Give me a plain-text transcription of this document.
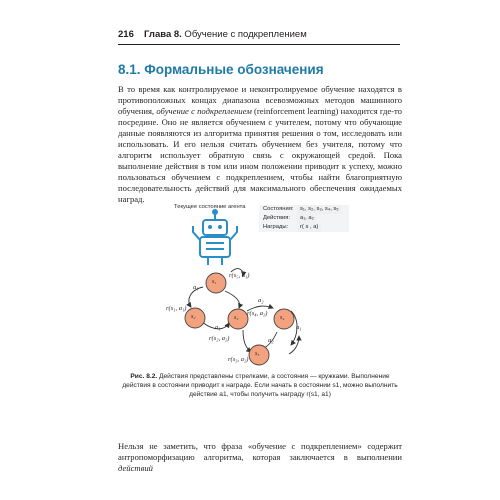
216 Глава 8. Обучение с подкреплением
8.1. Формальные обозначения

В то время как контролируемое и неконтролируемое обучение находятся в противоположных концах диапазона всевозможных методов машинного обучения, обучение с подкреплением (reinforcement learning) находится где-то посредине. Оно не является обучением с учителем, потому что обучающие данные появляются из алгоритма принятия решения о том, исследовать или использовать. И его нельзя считать обучением без учителя, потому что алгоритм использует обратную связь с окружающей средой. Пока выполнение действия в том или ином положении приводит к успеху, можно пользоваться обучением с подкреплением, чтобы найти благоприятную последовательность действий для максимального обеспечения ожидаемых наград.

Текущее состояние агента	Состояния:	s₁, s₂, s₃, s₄, s₅
Действия:	a₁, a₂
Награды:	r( s , a)
s₁
s₂	s₃	s₄
s₅
a₁
a₁
a₂
a₂
a₁
r(s₅, a₁)
r(s₁, a₁)
r(s₄, a₂)
r(s₂, a₂)
r(s₃, a₂)

Рис. 8.2. Действия представлены стрелками, а состояния — кружками. Выполнение действия в состоянии приводит к награде. Если начать в состоянии s1, можно выполнить действие a1, чтобы получить награду r(s1, a1)

Нельзя не заметить, что фраза «обучение с подкреплением» содержит антропоморфизацию алгоритма, которая заключается в выполнении действий
